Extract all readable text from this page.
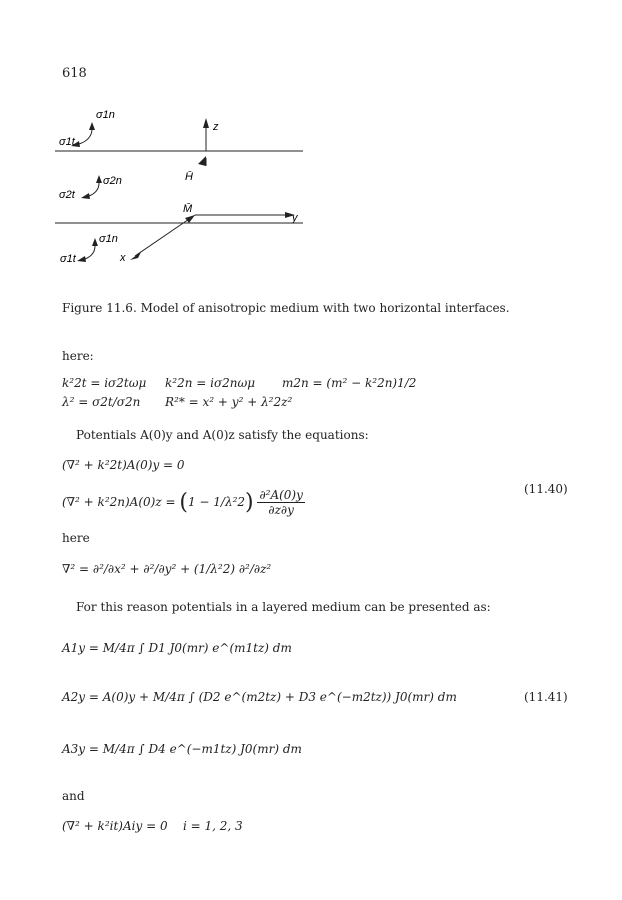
618
σ1n
σ1t
σ2n
σ2t
σ1n
σ1t
z
H̄
M̄
y
x
Figure 11.6. Model of anisotropic medium with two horizontal interfaces.
here:
k²2t = iσ2tωμ k²2n = iσ2nωμ m2n = (m² − k²2n)1/2
λ² = σ2t/σ2n R²* = x² + y² + λ²2z²
Potentials A(0)y and A(0)z satisfy the equations:
(∇² + k²2t)A(0)y = 0
$(\nabla^2 + k^22n)A(0)z = (1 - 1/\lambda^22) \frac{\text{∂²A(0)y}}{\partial z\partial y}$	(11.40)
here
∇² = ∂²/∂x² + ∂²/∂y² + (1/λ²2) ∂²/∂z²
For this reason potentials in a layered medium can be presented as:
A1y = M/4π ∫ D1 J0(mr) e^(m1tz) dm
A2y = A(0)y + M/4π ∫ (D2 e^(m2tz) + D3 e^(−m2tz)) J0(mr) dm
A3y = M/4π ∫ D4 e^(−m1tz) J0(mr) dm
(11.41)
and
(∇² + k²it)Aiy = 0 i = 1, 2, 3
